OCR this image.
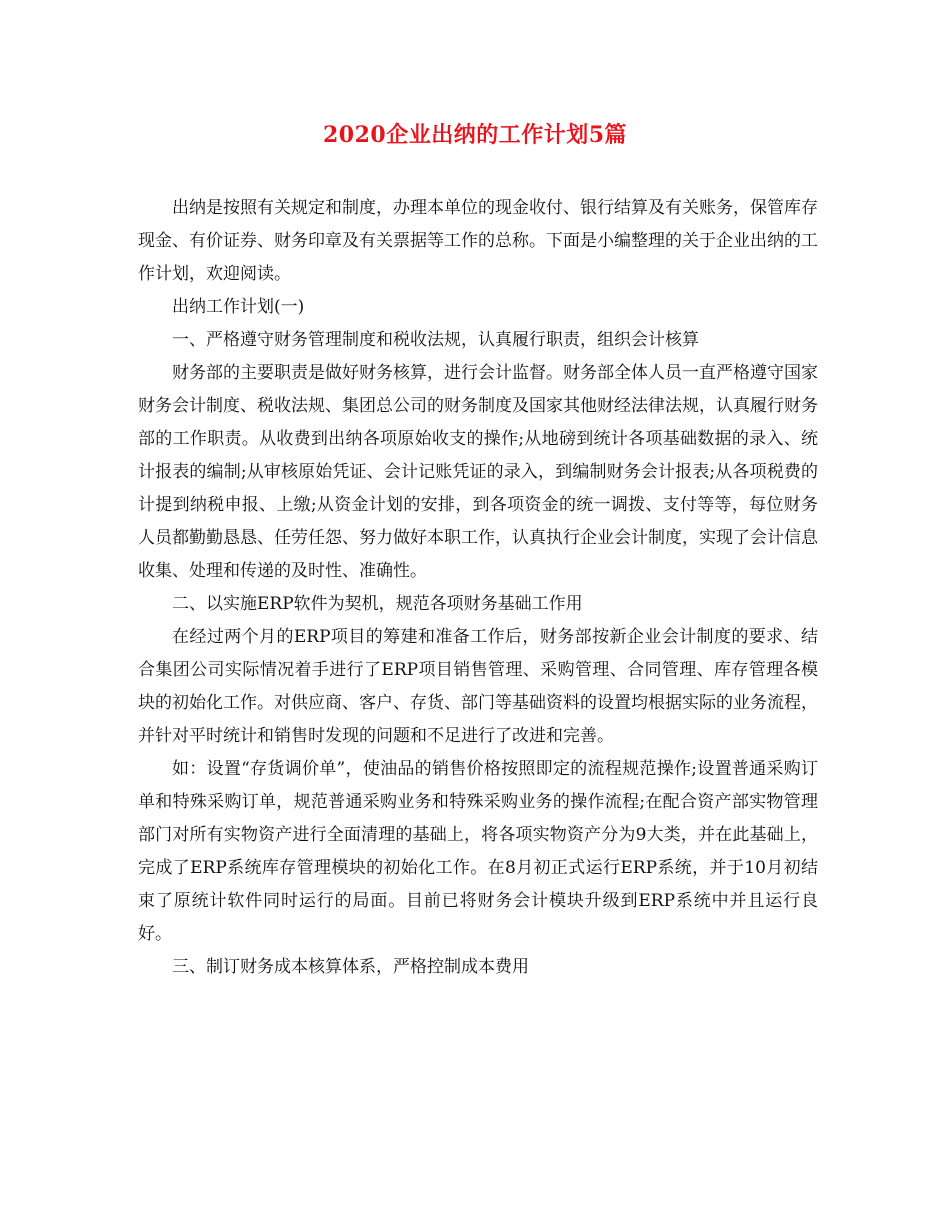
2020企业出纳的工作计划5篇

出纳是按照有关规定和制度，办理本单位的现金收付、银行结算及有关账务，保管库存现金、有价证券、财务印章及有关票据等工作的总称。下面是小编整理的关于企业出纳的工作计划，欢迎阅读。

出纳工作计划(一)

一、严格遵守财务管理制度和税收法规，认真履行职责，组织会计核算

财务部的主要职责是做好财务核算，进行会计监督。财务部全体人员一直严格遵守国家财务会计制度、税收法规、集团总公司的财务制度及国家其他财经法律法规，认真履行财务部的工作职责。从收费到出纳各项原始收支的操作;从地磅到统计各项基础数据的录入、统计报表的编制;从审核原始凭证、会计记账凭证的录入，到编制财务会计报表;从各项税费的计提到纳税申报、上缴;从资金计划的安排，到各项资金的统一调拨、支付等等，每位财务人员都勤勤恳恳、任劳任怨、努力做好本职工作，认真执行企业会计制度，实现了会计信息收集、处理和传递的及时性、准确性。

二、以实施ERP软件为契机，规范各项财务基础工作用

在经过两个月的ERP项目的筹建和准备工作后，财务部按新企业会计制度的要求、结合集团公司实际情况着手进行了ERP项目销售管理、采购管理、合同管理、库存管理各模块的初始化工作。对供应商、客户、存货、部门等基础资料的设置均根据实际的业务流程，并针对平时统计和销售时发现的问题和不足进行了改进和完善。

如：设置“存货调价单”，使油品的销售价格按照即定的流程规范操作;设置普通采购订单和特殊采购订单，规范普通采购业务和特殊采购业务的操作流程;在配合资产部实物管理部门对所有实物资产进行全面清理的基础上，将各项实物资产分为9大类，并在此基础上，完成了ERP系统库存管理模块的初始化工作。在8月初正式运行ERP系统，并于10月初结束了原统计软件同时运行的局面。目前已将财务会计模块升级到ERP系统中并且运行良好。

三、制订财务成本核算体系，严格控制成本费用
